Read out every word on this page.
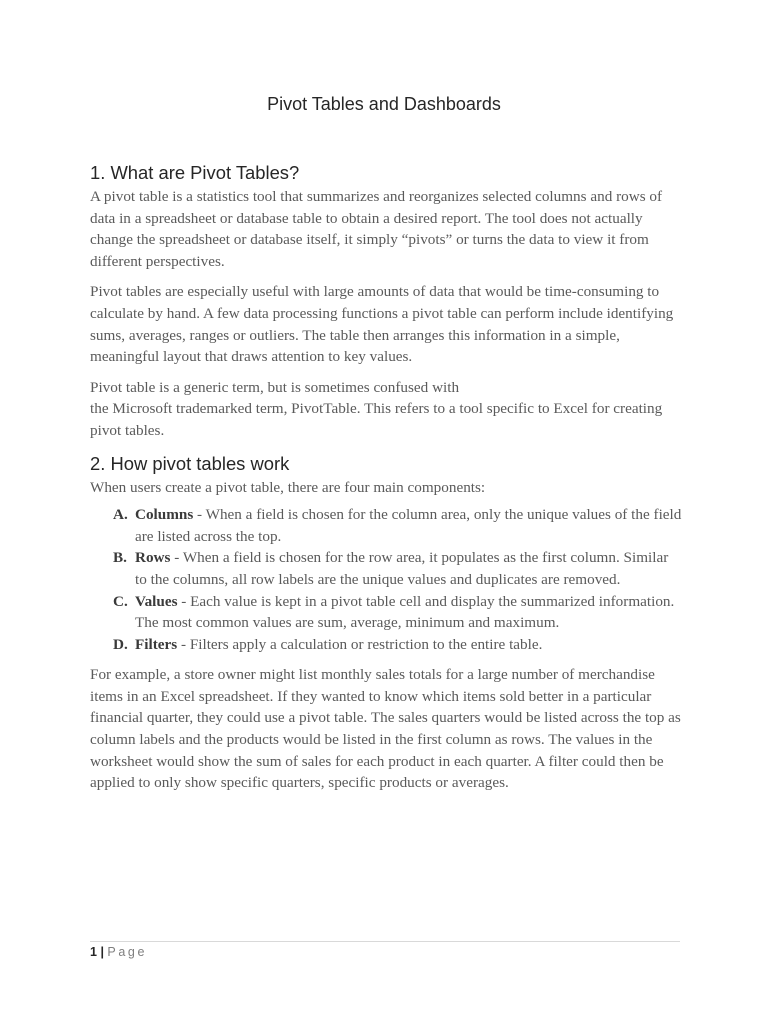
Pivot Tables and Dashboards
1. What are Pivot Tables?

A pivot table is a statistics tool that summarizes and reorganizes selected columns and rows of data in a spreadsheet or database table to obtain a desired report. The tool does not actually change the spreadsheet or database itself, it simply “pivots” or turns the data to view it from different perspectives.

Pivot tables are especially useful with large amounts of data that would be time-consuming to calculate by hand. A few data processing functions a pivot table can perform include identifying sums, averages, ranges or outliers. The table then arranges this information in a simple, meaningful layout that draws attention to key values.

Pivot table is a generic term, but is sometimes confused with
the Microsoft trademarked term, PivotTable. This refers to a tool specific to Excel for creating pivot tables.

2. How pivot tables work

When users create a pivot table, there are four main components:

A. Columns - When a field is chosen for the column area, only the unique values of the field are listed across the top.
B. Rows - When a field is chosen for the row area, it populates as the first column. Similar to the columns, all row labels are the unique values and duplicates are removed.
C. Values - Each value is kept in a pivot table cell and display the summarized information. The most common values are sum, average, minimum and maximum.
D. Filters - Filters apply a calculation or restriction to the entire table.

For example, a store owner might list monthly sales totals for a large number of merchandise items in an Excel spreadsheet. If they wanted to know which items sold better in a particular financial quarter, they could use a pivot table. The sales quarters would be listed across the top as column labels and the products would be listed in the first column as rows. The values in the worksheet would show the sum of sales for each product in each quarter. A filter could then be applied to only show specific quarters, specific products or averages.

1 | Page
